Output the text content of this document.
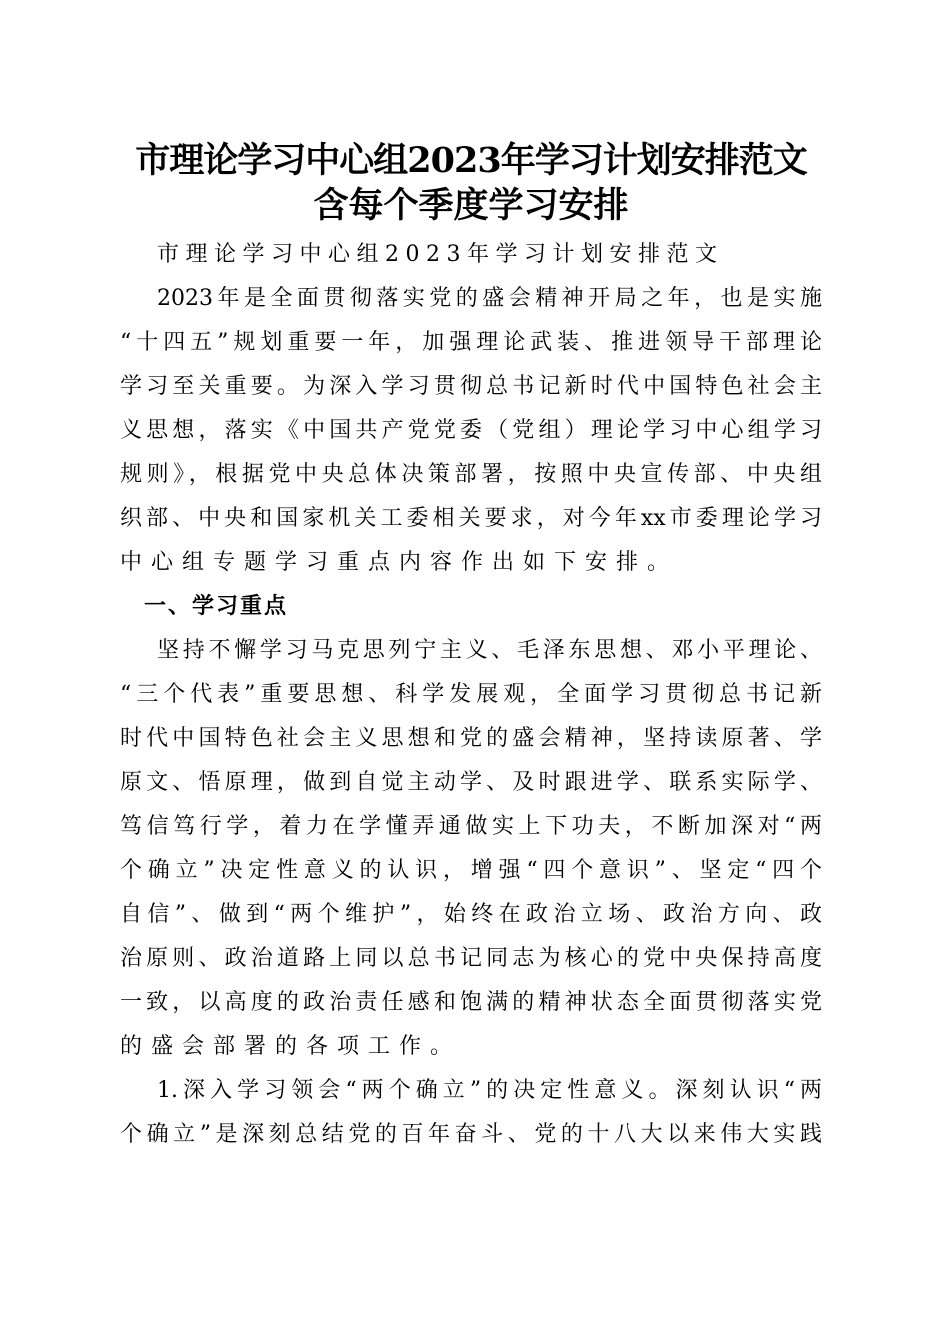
市理论学习中心组2023年学习计划安排范文
含每个季度学习安排
市理论学习中心组2023年学习计划安排范文
2023年是全面贯彻落实党的盛会精神开局之年，也是实施
“十四五”规划重要一年，加强理论武装、推进领导干部理论
学习至关重要。为深入学习贯彻总书记新时代中国特色社会主
义思想，落实《中国共产党党委（党组）理论学习中心组学习
规则》，根据党中央总体决策部署，按照中央宣传部、中央组
织部、中央和国家机关工委相关要求，对今年xx市委理论学习
中心组专题学习重点内容作出如下安排。
一、学习重点
坚持不懈学习马克思列宁主义、毛泽东思想、邓小平理论、
“三个代表”重要思想、科学发展观，全面学习贯彻总书记新
时代中国特色社会主义思想和党的盛会精神，坚持读原著、学
原文、悟原理，做到自觉主动学、及时跟进学、联系实际学、
笃信笃行学，着力在学懂弄通做实上下功夫，不断加深对“两
个确立”决定性意义的认识，增强“四个意识”、坚定“四个
自信”、做到“两个维护”，始终在政治立场、政治方向、政
治原则、政治道路上同以总书记同志为核心的党中央保持高度
一致，以高度的政治责任感和饱满的精神状态全面贯彻落实党
的盛会部署的各项工作。
1.深入学习领会“两个确立”的决定性意义。深刻认识“两
个确立”是深刻总结党的百年奋斗、党的十八大以来伟大实践
